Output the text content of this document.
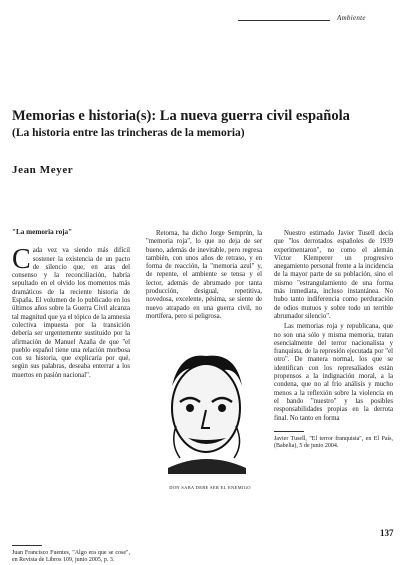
Ambiente
Memorias e historia(s): La nueva guerra civil española
(La historia entre las trincheras de la memoria)
Jean Meyer
"La memoria roja"

Cada vez va siendo más difícil sostener la existencia de un pacto de silencio que, en aras del consenso y la reconciliación, habría sepultado en el olvido los momentos más dramáticos de la reciente historia de España. El volumen de lo publicado en los últimos años sobre la Guerra Civil alcanza tal magnitud que ya el tópico de la amnesia colectiva impuesta por la transición debería ser urgentemente sustituido por la afirmación de Manuel Azaña de que "el pueblo español tiene una relación morbosa con su historia, que explicaría por qué, según sus palabras, deseaba enterrar a los muertos en pasión nacional".

Juan Francisco Fuentes, "Algo era que se cose", en Revista de Libros 109, junio 2005, p. 3.

Retorna, ha dicho Jorge Semprún, la "memoria roja", lo que no deja de ser bueno, además de inevitable, pero regresa también, con unos años de retraso, y en forma de reacción, la "memoria azul" y, de repente, el ambiente se tensa y el lector, además de abrumado por tanta producción, desigual, repetitiva, novedosa, excelente, pésima, se siente de nuevo atrapado en una guerra civil, no mortífera, pero si peligrosa.

DON SABA DEBE SER EL ENEMIGO

Nuestro estimado Javier Tusell decía que "los derrotados españoles de 1939 experimentaron", no como el alemán Víctor Klemperer un progresivo anegamiento personal frente a la incidencia de la mayor parte de su población, sino el mismo "estrangulamiento de una forma más inmediata, incluso instantánea. No hubo tanto indiferencia como perduración de odios mutuos y sobre todo un terrible abrumador silencio".

Las memorias roja y republicana, que no son una sólo y misma memoria, tratan esencialmente del terror nacionalista y franquista, de la represión ejecutada por "el otro". De manera normal, los que se identifican con los represaliados están propensos a la indignación moral, a la condena, que no al frío análisis y mucho menos a la reflexión sobre la violencia en el bando "nuestro" y las posibles responsabilidades propias en la derrota final. No tanto en forma

Javier Tusell, "El terror franquista", en El País, (Babelia), 5 de junio 2004.
137
